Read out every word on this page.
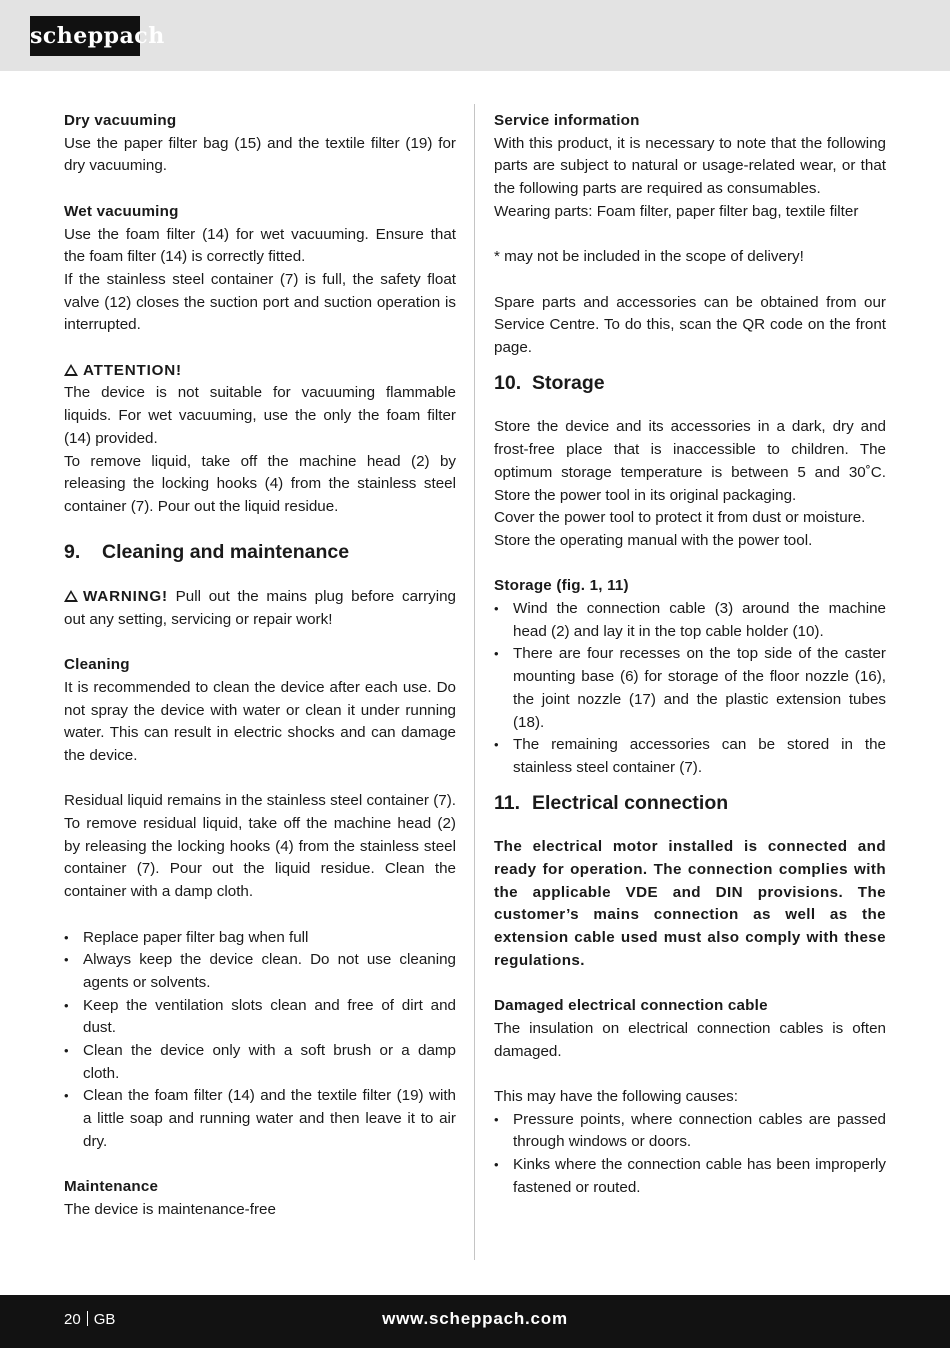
scheppach

Dry vacuuming

Use the paper filter bag (15) and the textile filter (19) for dry vacuuming.

Wet vacuuming

Use the foam filter (14) for wet vacuuming. Ensure that the foam filter (14) is correctly fitted.

If the stainless steel container (7) is full, the safety float valve (12) closes the suction port and suction operation is interrupted.

ATTENTION!

The device is not suitable for vacuuming flammable liquids. For wet vacuuming, use the only the foam filter (14) provided.

To remove liquid, take off the machine head (2) by releasing the locking hooks (4) from the stainless steel container (7). Pour out the liquid residue.

9. Cleaning and maintenance

WARNING! Pull out the mains plug before carrying out any setting, servicing or repair work!

Cleaning

It is recommended to clean the device after each use. Do not spray the device with water or clean it under running water. This can result in electric shocks and can damage the device.

Residual liquid remains in the stainless steel container (7). To remove residual liquid, take off the machine head (2) by releasing the locking hooks (4) from the stainless steel container (7). Pour out the liquid residue. Clean the container with a damp cloth.

• Replace paper filter bag when full
• Always keep the device clean. Do not use cleaning agents or solvents.
• Keep the ventilation slots clean and free of dirt and dust.
• Clean the device only with a soft brush or a damp cloth.
• Clean the foam filter (14) and the textile filter (19) with a little soap and running water and then leave it to air dry.

Maintenance

The device is maintenance-free

Service information

With this product, it is necessary to note that the following parts are subject to natural or usage-related wear, or that the following parts are required as consumables.

Wearing parts: Foam filter, paper filter bag, textile filter

* may not be included in the scope of delivery!

Spare parts and accessories can be obtained from our Service Centre. To do this, scan the QR code on the front page.

10. Storage

Store the device and its accessories in a dark, dry and frost-free place that is inaccessible to children. The optimum storage temperature is between 5 and 30˚C. Store the power tool in its original packaging.

Cover the power tool to protect it from dust or moisture.

Store the operating manual with the power tool.

Storage (fig. 1, 11)

• Wind the connection cable (3) around the machine head (2) and lay it in the top cable holder (10).
• There are four recesses on the top side of the caster mounting base (6) for storage of the floor nozzle (16), the joint nozzle (17) and the plastic extension tubes (18).
• The remaining accessories can be stored in the stainless steel container (7).

11. Electrical connection

The electrical motor installed is connected and ready for operation. The connection complies with the applicable VDE and DIN provisions. The customer’s mains connection as well as the extension cable used must also comply with these regulations.

Damaged electrical connection cable

The insulation on electrical connection cables is often damaged.

This may have the following causes:

• Pressure points, where connection cables are passed through windows or doors.
• Kinks where the connection cable has been improperly fastened or routed.
20 GB	www.scheppach.com
